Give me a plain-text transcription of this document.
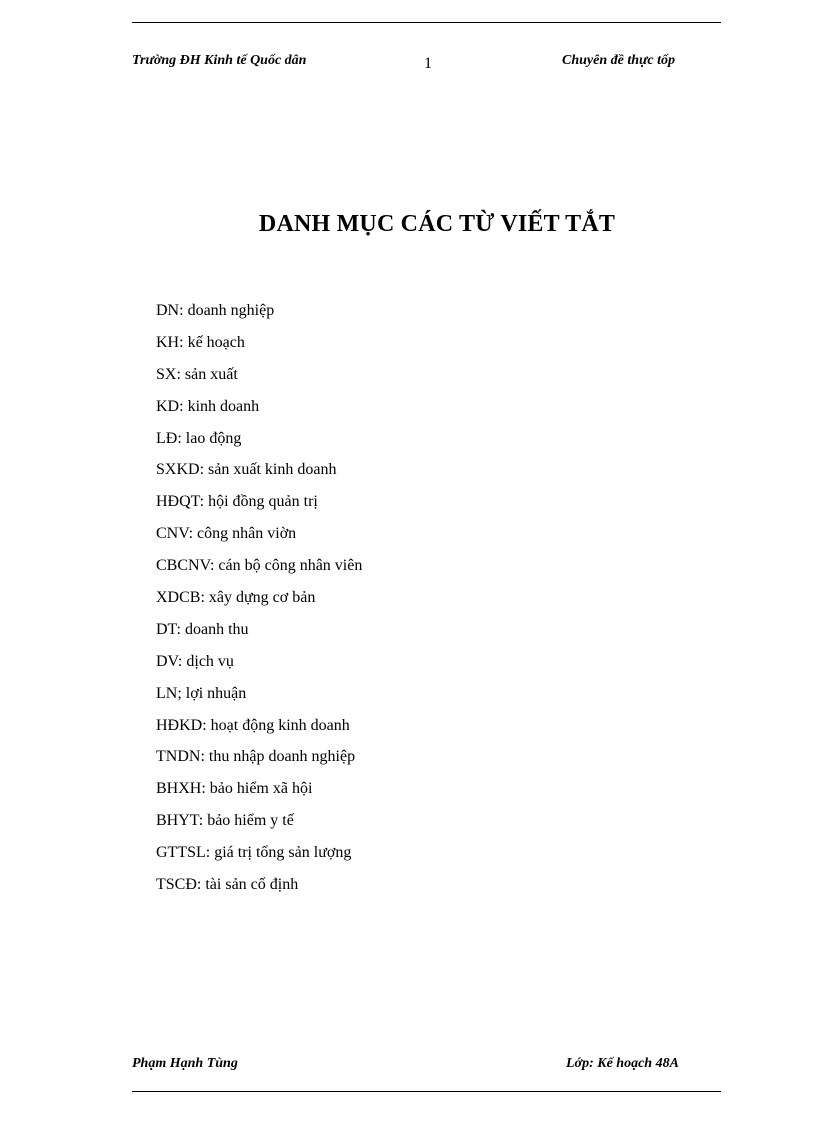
Trường ĐH Kinh tế Quốc dân	1	Chuyên đề thực tốp
DANH MỤC CÁC TỪ VIẾT TẮT
DN: doanh nghiệp
KH: kế hoạch
SX: sản xuất
KD: kinh doanh
LĐ: lao động
SXKD: sản xuất kinh doanh
HĐQT: hội đồng quản trị
CNV: công nhân viờn
CBCNV: cán bộ công nhân viên
XDCB: xây dựng cơ bản
DT: doanh thu
DV: dịch vụ
LN; lợi nhuận
HĐKD: hoạt động kinh doanh
TNDN: thu nhập doanh nghiệp
BHXH: bảo hiểm xã hội
BHYT: bảo hiểm y tế
GTTSL: giá trị tổng sản lượng
TSCĐ: tài sản cố định
Phạm Hạnh Tùng	Lớp: Kế hoạch 48A
